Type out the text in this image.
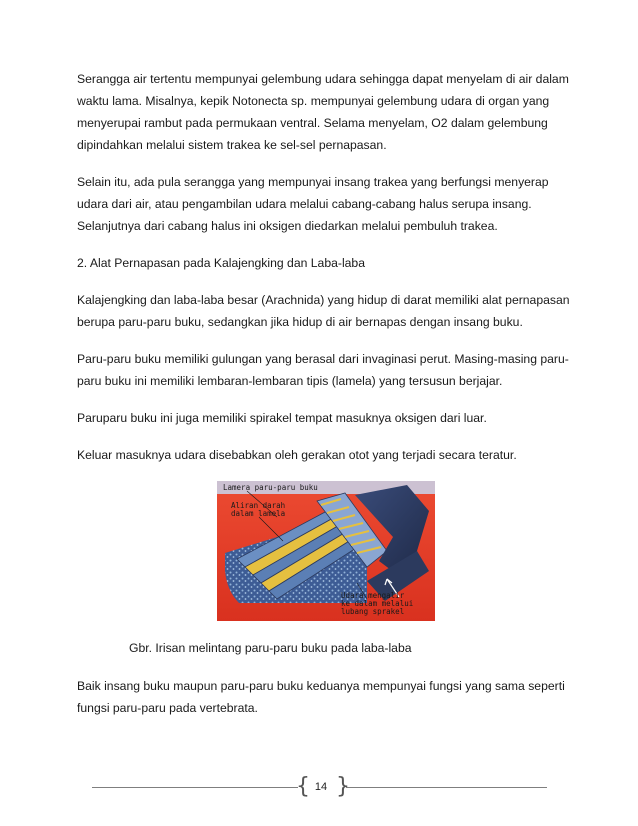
Serangga air tertentu mempunyai gelembung udara sehingga dapat menyelam di air dalam waktu lama. Misalnya, kepik Notonecta sp. mempunyai gelembung udara di organ yang menyerupai rambut pada permukaan ventral. Selama menyelam, O2 dalam gelembung dipindahkan melalui sistem trakea ke sel-sel pernapasan.

Selain itu, ada pula serangga yang mempunyai insang trakea yang berfungsi menyerap udara dari air, atau pengambilan udara melalui cabang-cabang halus serupa insang. Selanjutnya dari cabang halus ini oksigen diedarkan melalui pembuluh trakea.

2. Alat Pernapasan pada Kalajengking dan Laba-laba

Kalajengking dan laba-laba besar (Arachnida) yang hidup di darat memiliki alat pernapasan berupa paru-paru buku, sedangkan jika hidup di air bernapas dengan insang buku.

Paru-paru buku memiliki gulungan yang berasal dari invaginasi perut. Masing-masing paru-paru buku ini memiliki lembaran-lembaran tipis (lamela) yang tersusun berjajar.

Paruparu buku ini juga memiliki spirakel tempat masuknya oksigen dari luar.

Keluar masuknya udara disebabkan oleh gerakan otot yang terjadi secara teratur.

Lamera paru-paru buku
Aliran darah
dalam lamela
Udara mengalir
ke dalam melalui
lubang sprakel

Gbr. Irisan melintang paru-paru buku pada laba-laba

Baik insang buku maupun paru-paru buku keduanya mempunyai fungsi yang sama seperti fungsi paru-paru pada vertebrata.

{ 14 }
